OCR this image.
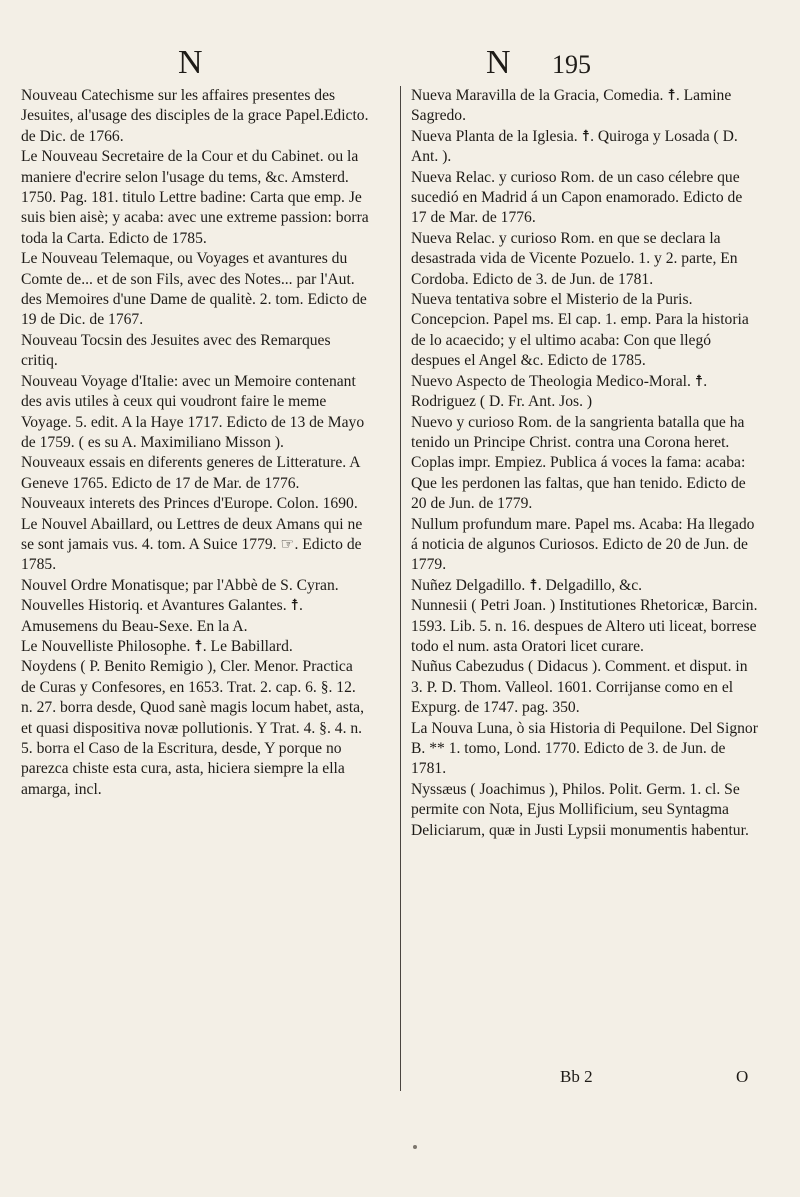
N	N 195

Nouveau Catechisme sur les affaires presentes des Jesuites, al'usage des disciples de la grace Papel.Edicto. de Dic. de 1766.

Le Nouveau Secretaire de la Cour et du Cabinet. ou la maniere d'ecrire selon l'usage du tems, &c. Amsterd. 1750. Pag. 181. titulo Lettre badine: Carta que emp. Je suis bien aisè; y acaba: avec une extreme passion: borra toda la Carta. Edicto de 1785.

Le Nouveau Telemaque, ou Voyages et avantures du Comte de... et de son Fils, avec des Notes... par l'Aut. des Memoires d'une Dame de qualitè. 2. tom. Edicto de 19 de Dic. de 1767.

Nouveau Tocsin des Jesuites avec des Remarques critiq.

Nouveau Voyage d'Italie: avec un Memoire contenant des avis utiles à ceux qui voudront faire le meme Voyage. 5. edit. A la Haye 1717. Edicto de 13 de Mayo de 1759. ( es su A. Maximiliano Misson ).

Nouveaux essais en diferents generes de Litterature. A Geneve 1765. Edicto de 17 de Mar. de 1776.

Nouveaux interets des Princes d'Europe. Colon. 1690.

Le Nouvel Abaillard, ou Lettres de deux Amans qui ne se sont jamais vus. 4. tom. A Suice 1779. ☞. Edicto de 1785.

Nouvel Ordre Monatisque; par l'Abbè de S. Cyran.

Nouvelles Historiq. et Avantures Galantes. ☨. Amusemens du Beau-Sexe. En la A.

Le Nouvelliste Philosophe. ☨. Le Babillard.

Noydens ( P. Benito Remigio ), Cler. Menor. Practica de Curas y Confesores, en 1653. Trat. 2. cap. 6. §. 12. n. 27. borra desde, Quod sanè magis locum habet, asta, et quasi dispositiva novæ pollutionis. Y Trat. 4. §. 4. n. 5. borra el Caso de la Escritura, desde, Y porque no parezca chiste esta cura, asta, hiciera siempre la ella amarga, incl.

Nueva Maravilla de la Gracia, Comedia. ☨. Lamine Sagredo.

Nueva Planta de la Iglesia. ☨. Quiroga y Losada ( D. Ant. ).

Nueva Relac. y curioso Rom. de un caso célebre que sucedió en Madrid á un Capon enamorado. Edicto de 17 de Mar. de 1776.

Nueva Relac. y curioso Rom. en que se declara la desastrada vida de Vicente Pozuelo. 1. y 2. parte, En Cordoba. Edicto de 3. de Jun. de 1781.

Nueva tentativa sobre el Misterio de la Puris. Concepcion. Papel ms. El cap. 1. emp. Para la historia de lo acaecido; y el ultimo acaba: Con que llegó despues el Angel &c. Edicto de 1785.

Nuevo Aspecto de Theologia Medico-Moral. ☨. Rodriguez ( D. Fr. Ant. Jos. )

Nuevo y curioso Rom. de la sangrienta batalla que ha tenido un Principe Christ. contra una Corona heret. Coplas impr. Empiez. Publica á voces la fama: acaba: Que les perdonen las faltas, que han tenido. Edicto de 20 de Jun. de 1779.

Nullum profundum mare. Papel ms. Acaba: Ha llegado á noticia de algunos Curiosos. Edicto de 20 de Jun. de 1779.

Nuñez Delgadillo. ☨. Delgadillo, &c.

Nunnesii ( Petri Joan. ) Institutiones Rhetoricæ, Barcin. 1593. Lib. 5. n. 16. despues de Altero uti liceat, borrese todo el num. asta Oratori licet curare.

Nuñus Cabezudus ( Didacus ). Comment. et disput. in 3. P. D. Thom. Valleol. 1601. Corrijanse como en el Expurg. de 1747. pag. 350.

La Nouva Luna, ò sia Historia di Pequilone. Del Signor B. ** 1. tomo, Lond. 1770. Edicto de 3. de Jun. de 1781.

Nyssæus ( Joachimus ), Philos. Polit. Germ. 1. cl. Se permite con Nota, Ejus Mollificium, seu Syntagma Deliciarum, quæ in Justi Lypsii monumentis habentur.

Bb 2	O
